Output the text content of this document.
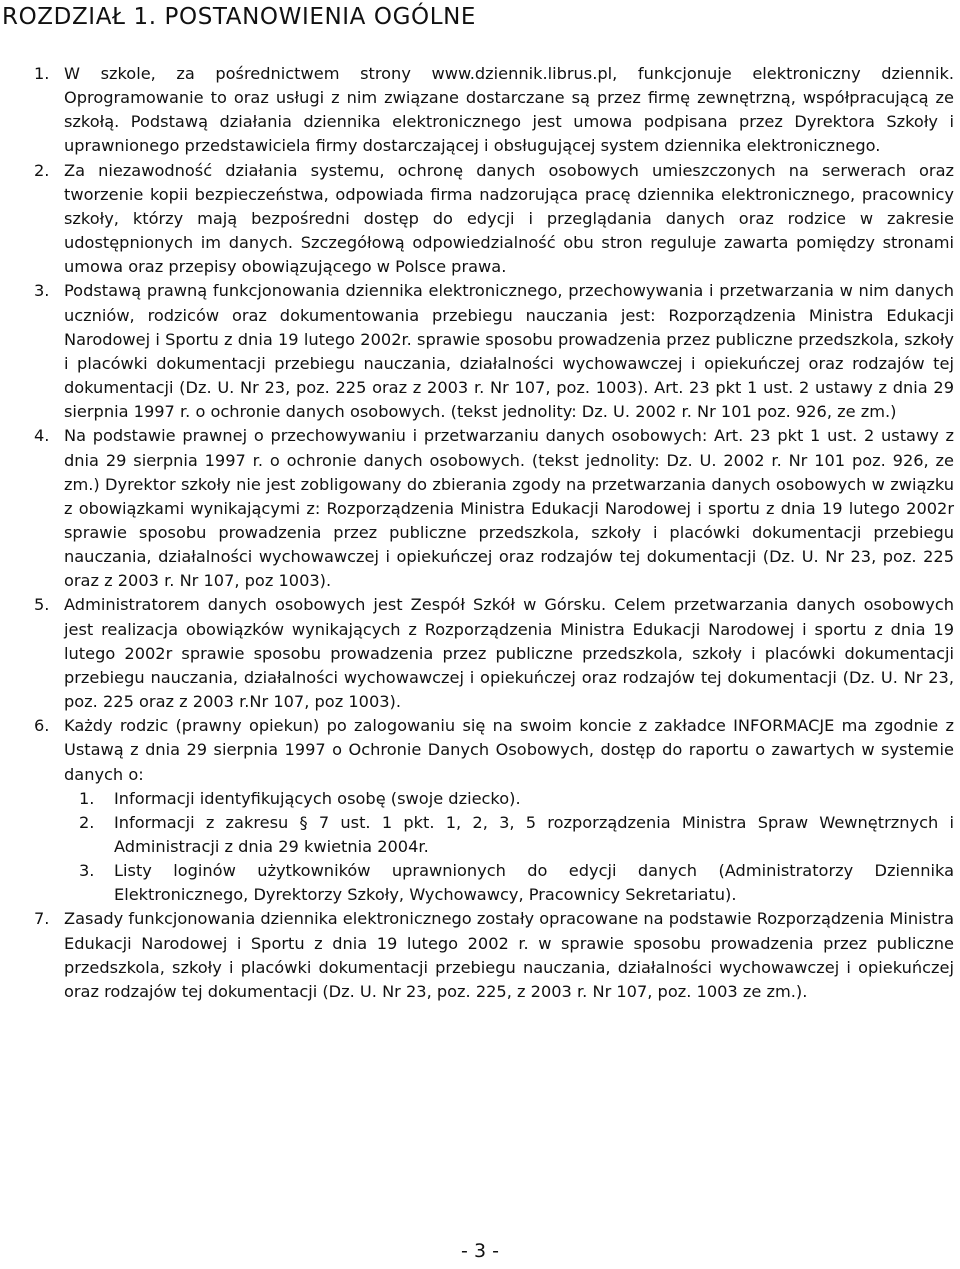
ROZDZIAŁ 1. POSTANOWIENIA OGÓLNE
1. W szkole, za pośrednictwem strony www.dziennik.librus.pl, funkcjonuje elektroniczny dziennik. Oprogramowanie to oraz usługi z nim związane dostarczane są przez firmę zewnętrzną, współpracującą ze szkołą. Podstawą działania dziennika elektronicznego jest umowa podpisana przez Dyrektora Szkoły i uprawnionego przedstawiciela firmy dostarczającej i obsługującej system dziennika elektronicznego.
2. Za niezawodność działania systemu, ochronę danych osobowych umieszczonych na serwerach oraz tworzenie kopii bezpieczeństwa, odpowiada firma nadzorująca pracę dziennika elektronicznego, pracownicy szkoły, którzy mają bezpośredni dostęp do edycji i przeglądania danych oraz rodzice w zakresie udostępnionych im danych. Szczegółową odpowiedzialność obu stron reguluje zawarta pomiędzy stronami umowa oraz przepisy obowiązującego w Polsce prawa.
3. Podstawą prawną funkcjonowania dziennika elektronicznego, przechowywania i przetwarzania w nim danych uczniów, rodziców oraz dokumentowania przebiegu nauczania jest: Rozporządzenia Ministra Edukacji Narodowej i Sportu z dnia 19 lutego 2002r. sprawie sposobu prowadzenia przez publiczne przedszkola, szkoły i placówki dokumentacji przebiegu nauczania, działalności wychowawczej i opiekuńczej oraz rodzajów tej dokumentacji (Dz. U. Nr 23, poz. 225 oraz z 2003 r. Nr 107, poz. 1003). Art. 23 pkt 1 ust. 2 ustawy z dnia 29 sierpnia 1997 r. o ochronie danych osobowych. (tekst jednolity: Dz. U. 2002 r. Nr 101 poz. 926, ze zm.)
4. Na podstawie prawnej o przechowywaniu i przetwarzaniu danych osobowych: Art. 23 pkt 1 ust. 2 ustawy z dnia 29 sierpnia 1997 r. o ochronie danych osobowych. (tekst jednolity: Dz. U. 2002 r. Nr 101 poz. 926, ze zm.) Dyrektor szkoły nie jest zobligowany do zbierania zgody na przetwarzania danych osobowych w związku z obowiązkami wynikającymi z: Rozporządzenia Ministra Edukacji Narodowej i sportu z dnia 19 lutego 2002r sprawie sposobu prowadzenia przez publiczne przedszkola, szkoły i placówki dokumentacji przebiegu nauczania, działalności wychowawczej i opiekuńczej oraz rodzajów tej dokumentacji (Dz. U. Nr 23, poz. 225 oraz z 2003 r. Nr 107, poz 1003).
5. Administratorem danych osobowych jest Zespół Szkół w Górsku. Celem przetwarzania danych osobowych jest realizacja obowiązków wynikających z Rozporządzenia Ministra Edukacji Narodowej i sportu z dnia 19 lutego 2002r sprawie sposobu prowadzenia przez publiczne przedszkola, szkoły i placówki dokumentacji przebiegu nauczania, działalności wychowawczej i opiekuńczej oraz rodzajów tej dokumentacji (Dz. U. Nr 23, poz. 225 oraz z 2003 r.Nr 107, poz 1003).
6. Każdy rodzic (prawny opiekun) po zalogowaniu się na swoim koncie z zakładce INFORMACJE ma zgodnie z Ustawą z dnia 29 sierpnia 1997 o Ochronie Danych Osobowych, dostęp do raportu o zawartych w systemie danych o:
1. Informacji identyfikujących osobę (swoje dziecko).
2. Informacji z zakresu § 7 ust. 1 pkt. 1, 2, 3, 5 rozporządzenia Ministra Spraw Wewnętrznych i Administracji z dnia 29 kwietnia 2004r.
3. Listy loginów użytkowników uprawnionych do edycji danych (Administratorzy Dziennika Elektronicznego, Dyrektorzy Szkoły, Wychowawcy, Pracownicy Sekretariatu).
7. Zasady funkcjonowania dziennika elektronicznego zostały opracowane na podstawie Rozporządzenia Ministra Edukacji Narodowej i Sportu z dnia 19 lutego 2002 r. w sprawie sposobu prowadzenia przez publiczne przedszkola, szkoły i placówki dokumentacji przebiegu nauczania, działalności wychowawczej i opiekuńczej oraz rodzajów tej dokumentacji (Dz. U. Nr 23, poz. 225, z 2003 r. Nr 107, poz. 1003 ze zm.).
- 3 -
